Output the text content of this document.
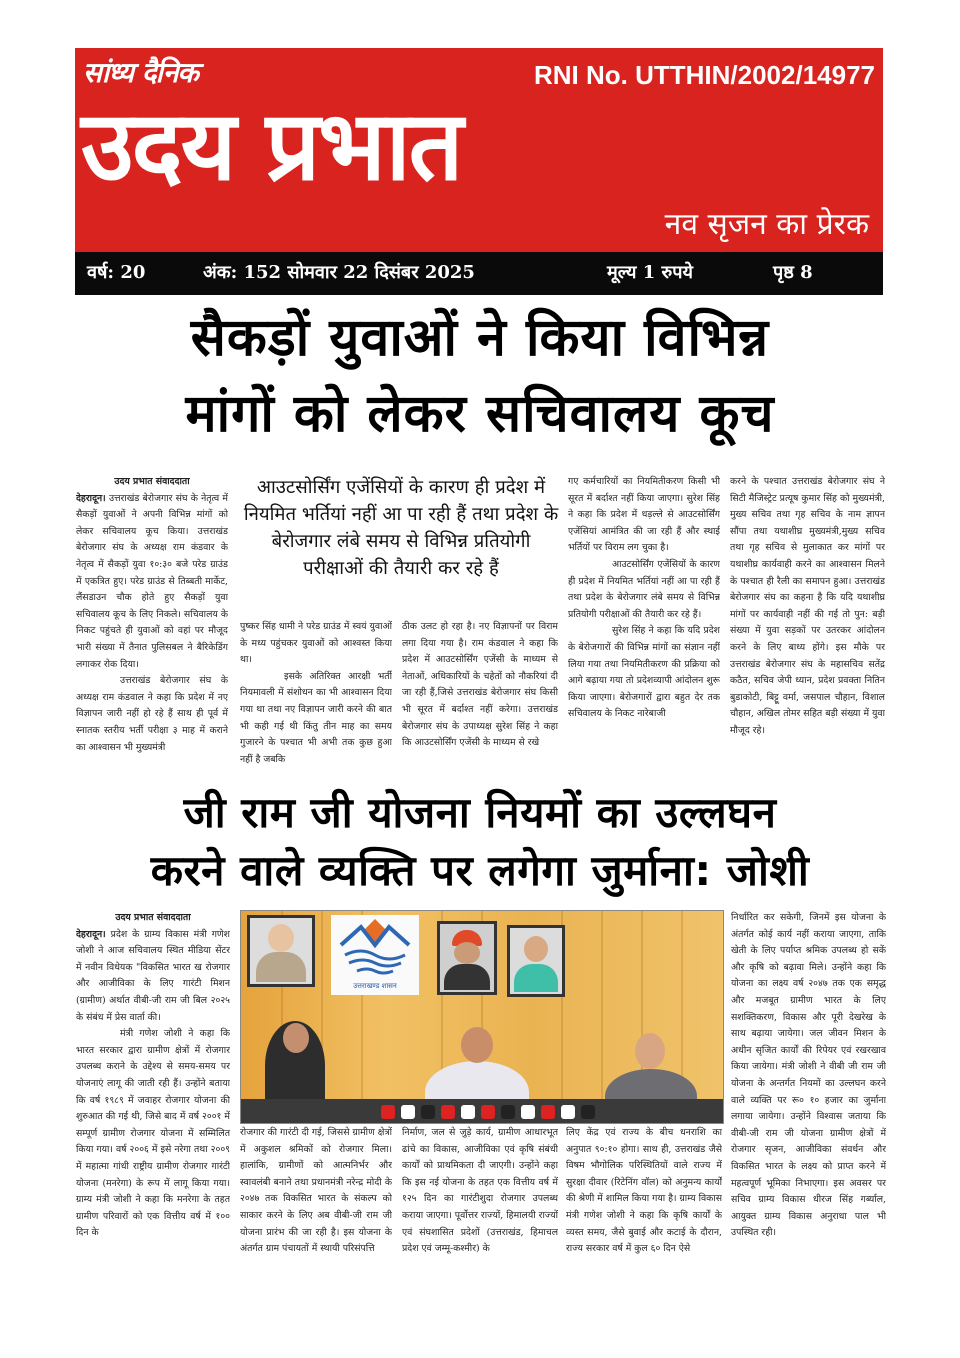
सांध्य दैनिक	RNI No. UTTHIN/2002/14977
उदय प्रभात
नव सृजन का प्रेरक
वर्ष: 20	अंक: 152 सोमवार 22 दिसंबर 2025	मूल्य 1 रुपये	पृष्ठ 8
सैकड़ों युवाओं ने किया विभिन्न
मांगों को लेकर सचिवालय कूच

उदय प्रभात संवाददाता

देहरादून। उत्तराखंड बेरोजगार संघ के नेतृत्व में सैकड़ों युवाओं ने अपनी विभिन्न मांगों को लेकर सचिवालय कूच किया। उत्तराखंड बेरोजगार संघ के अध्यक्ष राम कंडवार के नेतृत्व में सैकड़ों युवा १०:३० बजे परेड ग्राउंड में एकत्रित हुए। परेड ग्राउंड से तिब्बती मार्केट, लैंसडाउन चौक होते हुए सैकड़ों युवा सचिवालय कूच के लिए निकले। सचिवालय के निकट पहुंचते ही युवाओं को वहां पर मौजूद भारी संख्या में तैनात पुलिसबल ने बैरिकेडिंग लगाकर रोक दिया।

उत्तराखंड बेरोजगार संघ के अध्यक्ष राम कंडवाल ने कहा कि प्रदेश में नए विज्ञापन जारी नहीं हो रहे हैं साथ ही पूर्व में स्नातक स्तरीय भर्ती परीक्षा ३ माह में कराने का आश्वासन भी मुख्यमंत्री

आउटसोर्सिंग एजेंसियों के कारण ही प्रदेश में नियमित भर्तियां नहीं आ पा रही हैं तथा प्रदेश के बेरोजगार लंबे समय से विभिन्न प्रतियोगी परीक्षाओं की तैयारी कर रहे हैं

पुष्कर सिंह धामी ने परेड ग्राउंड में स्वयं युवाओं के मध्य पहुंचकर युवाओं को आश्वस्त किया था।

इसके अतिरिक्त आरक्षी भर्ती नियमावली में संशोधन का भी आश्वासन दिया गया था तथा नए विज्ञापन जारी करने की बात भी कही गई थी किंतु तीन माह का समय गुजारने के पश्चात भी अभी तक कुछ हुआ नहीं है जबकि

ठीक उलट हो रहा है। नए विज्ञापनों पर विराम लगा दिया गया है। राम कंडवाल ने कहा कि प्रदेश में आउटसोर्सिंग एजेंसी के माध्यम से नेताओं, अधिकारियों के चहेतों को नौकरियां दी जा रही हैं,जिसे उत्तराखंड बेरोजगार संघ किसी भी सूरत में बर्दाश्त नहीं करेगा। उत्तराखंड बेरोजगार संघ के उपाध्यक्ष सुरेश सिंह ने कहा कि आउटसोर्सिंग एजेंसी के माध्यम से रखे

गए कर्मचारियों का नियमितीकरण किसी भी सूरत में बर्दाश्त नहीं किया जाएगा। सुरेश सिंह ने कहा कि प्रदेश में धड़ल्ले से आउटसोर्सिंग एजेंसियां आमंत्रित की जा रही हैं और स्थाई भर्तियों पर विराम लग चुका है।

आउटसोर्सिंग एजेंसियों के कारण ही प्रदेश में नियमित भर्तियां नहीं आ पा रही हैं तथा प्रदेश के बेरोजगार लंबे समय से विभिन्न प्रतियोगी परीक्षाओं की तैयारी कर रहे हैं।

सुरेश सिंह ने कहा कि यदि प्रदेश के बेरोजगारों की विभिन्न मांगों का संज्ञान नहीं लिया गया तथा नियमितीकरण की प्रक्रिया को आगे बढ़ाया गया तो प्रदेशव्यापी आंदोलन शुरू किया जाएगा। बेरोजगारों द्वारा बहुत देर तक सचिवालय के निकट नारेबाजी

करने के पश्चात उत्तराखंड बेरोजगार संघ ने सिटी मैजिस्ट्रेट प्रत्यूष कुमार सिंह को मुख्यमंत्री, मुख्य सचिव तथा गृह सचिव के नाम ज्ञापन सौंपा तथा यथाशीघ्र मुख्यमंत्री,मुख्य सचिव तथा गृह सचिव से मुलाकात कर मांगों पर यथाशीघ्र कार्यवाही करने का आश्वासन मिलने के पश्चात ही रैली का समापन हुआ। उत्तराखंड बेरोजगार संघ का कहना है कि यदि यथाशीघ्र मांगों पर कार्यवाही नहीं की गई तो पुन: बड़ी संख्या में युवा सड़कों पर उतरकर आंदोलन करने के लिए बाध्य होंगे। इस मौके पर उत्तराखंड बेरोजगार संघ के महासचिव सतेंद्र कठैत, सचिव जेपी ध्यान, प्रदेश प्रवक्ता नितिन बुडाकोटी, बिट्टू वर्मा, जसपाल चौहान, विशाल चौहान, अखिल तोमर सहित बड़ी संख्या में युवा मौजूद रहे।

जी राम जी योजना नियमों का उल्लघन
करने वाले व्यक्ति पर लगेगा जुर्माना: जोशी

उदय प्रभात संवाददाता

देहरादून। प्रदेश के ग्राम्य विकास मंत्री गणेश जोशी ने आज सचिवालय स्थित मीडिया सेंटर में नवीन विधेयक "विकसित भारत ख रोजगार और आजीविका के लिए गारंटी मिशन (ग्रामीण) अर्थात वीबी-जी राम जी बिल २०२५ के संबंध में प्रेस वार्ता की।

मंत्री गणेश जोशी ने कहा कि भारत सरकार द्वारा ग्रामीण क्षेत्रों में रोजगार उपलब्ध कराने के उद्देश्य से समय-समय पर योजनाएं लागू की जाती रही हैं। उन्होंने बताया कि वर्ष १९८९ में जवाहर रोजगार योजना की शुरुआत की गई थी, जिसे बाद में वर्ष २००१ में सम्पूर्ण ग्रामीण रोजगार योजना में सम्मिलित किया गया। वर्ष २००६ में इसे नरेगा तथा २००९ में महात्मा गांधी राष्ट्रीय ग्रामीण रोजगार गारंटी योजना (मनरेगा) के रूप में लागू किया गया। ग्राम्य मंत्री जोशी ने कहा कि मनरेगा के तहत ग्रामीण परिवारों को एक वित्तीय वर्ष में १०० दिन के

उत्तराखण्ड शासन

रोजगार की गारंटी दी गई, जिससे ग्रामीण क्षेत्रों में अकुशल श्रमिकों को रोजगार मिला। हालांकि, ग्रामीणों को आत्मनिर्भर और स्वावलंबी बनाने तथा प्रधानमंत्री नरेन्द्र मोदी के २०४७ तक विकसित भारत के संकल्प को साकार करने के लिए अब वीबी-जी राम जी योजना प्रारंभ की जा रही है। इस योजना के अंतर्गत ग्राम पंचायतों में स्थायी परिसंपत्ति

निर्माण, जल से जुड़े कार्य, ग्रामीण आधारभूत ढांचे का विकास, आजीविका एवं कृषि संबंधी कार्यों को प्राथमिकता दी जाएगी। उन्होंने कहा कि इस नई योजना के तहत एक वित्तीय वर्ष में १२५ दिन का गारंटीशुदा रोजगार उपलब्ध कराया जाएगा। पूर्वोत्तर राज्यों, हिमालयी राज्यों एवं संघशासित प्रदेशों (उत्तराखंड, हिमाचल प्रदेश एवं जम्मू-कश्मीर) के

लिए केंद्र एवं राज्य के बीच धनराशि का अनुपात ९०:१० होगा। साथ ही, उत्तराखंड जैसे विषम भौगोलिक परिस्थितियों वाले राज्य में सुरक्षा दीवार (रिटेनिंग वॉल) को अनुमन्य कार्यों की श्रेणी में शामिल किया गया है। ग्राम्य विकास मंत्री गणेश जोशी ने कहा कि कृषि कार्यों के व्यस्त समय, जैसे बुवाई और कटाई के दौरान, राज्य सरकार वर्ष में कुल ६० दिन ऐसे

निर्धारित कर सकेगी, जिनमें इस योजना के अंतर्गत कोई कार्य नहीं कराया जाएगा, ताकि खेती के लिए पर्याप्त श्रमिक उपलब्ध हो सकें और कृषि को बढ़ावा मिले। उन्होंने कहा कि योजना का लक्ष्य वर्ष २०४७ तक एक समृद्ध और मजबूत ग्रामीण भारत के लिए सशक्तिकरण, विकास और पूरी देखरेख के साथ बढ़ाया जायेगा। जल जीवन मिशन के अधीन सृजित कार्यों की रिपेयर एवं रखरखाव किया जायेगा। मंत्री जोशी ने वीबी जी राम जी योजना के अन्तर्गत नियमों का उल्लघन करने वाले व्यक्ति पर रू० १० हजार का जुर्माना लगाया जायेगा। उन्होंने विश्वास जताया कि वीबी-जी राम जी योजना ग्रामीण क्षेत्रों में रोजगार सृजन, आजीविका संवर्धन और विकसित भारत के लक्ष्य को प्राप्त करने में महत्वपूर्ण भूमिका निभाएगा। इस अवसर पर सचिव ग्राम्य विकास धीरज सिंह गर्ब्याल, आयुक्त ग्राम्य विकास अनुराधा पाल भी उपस्थित रही।
